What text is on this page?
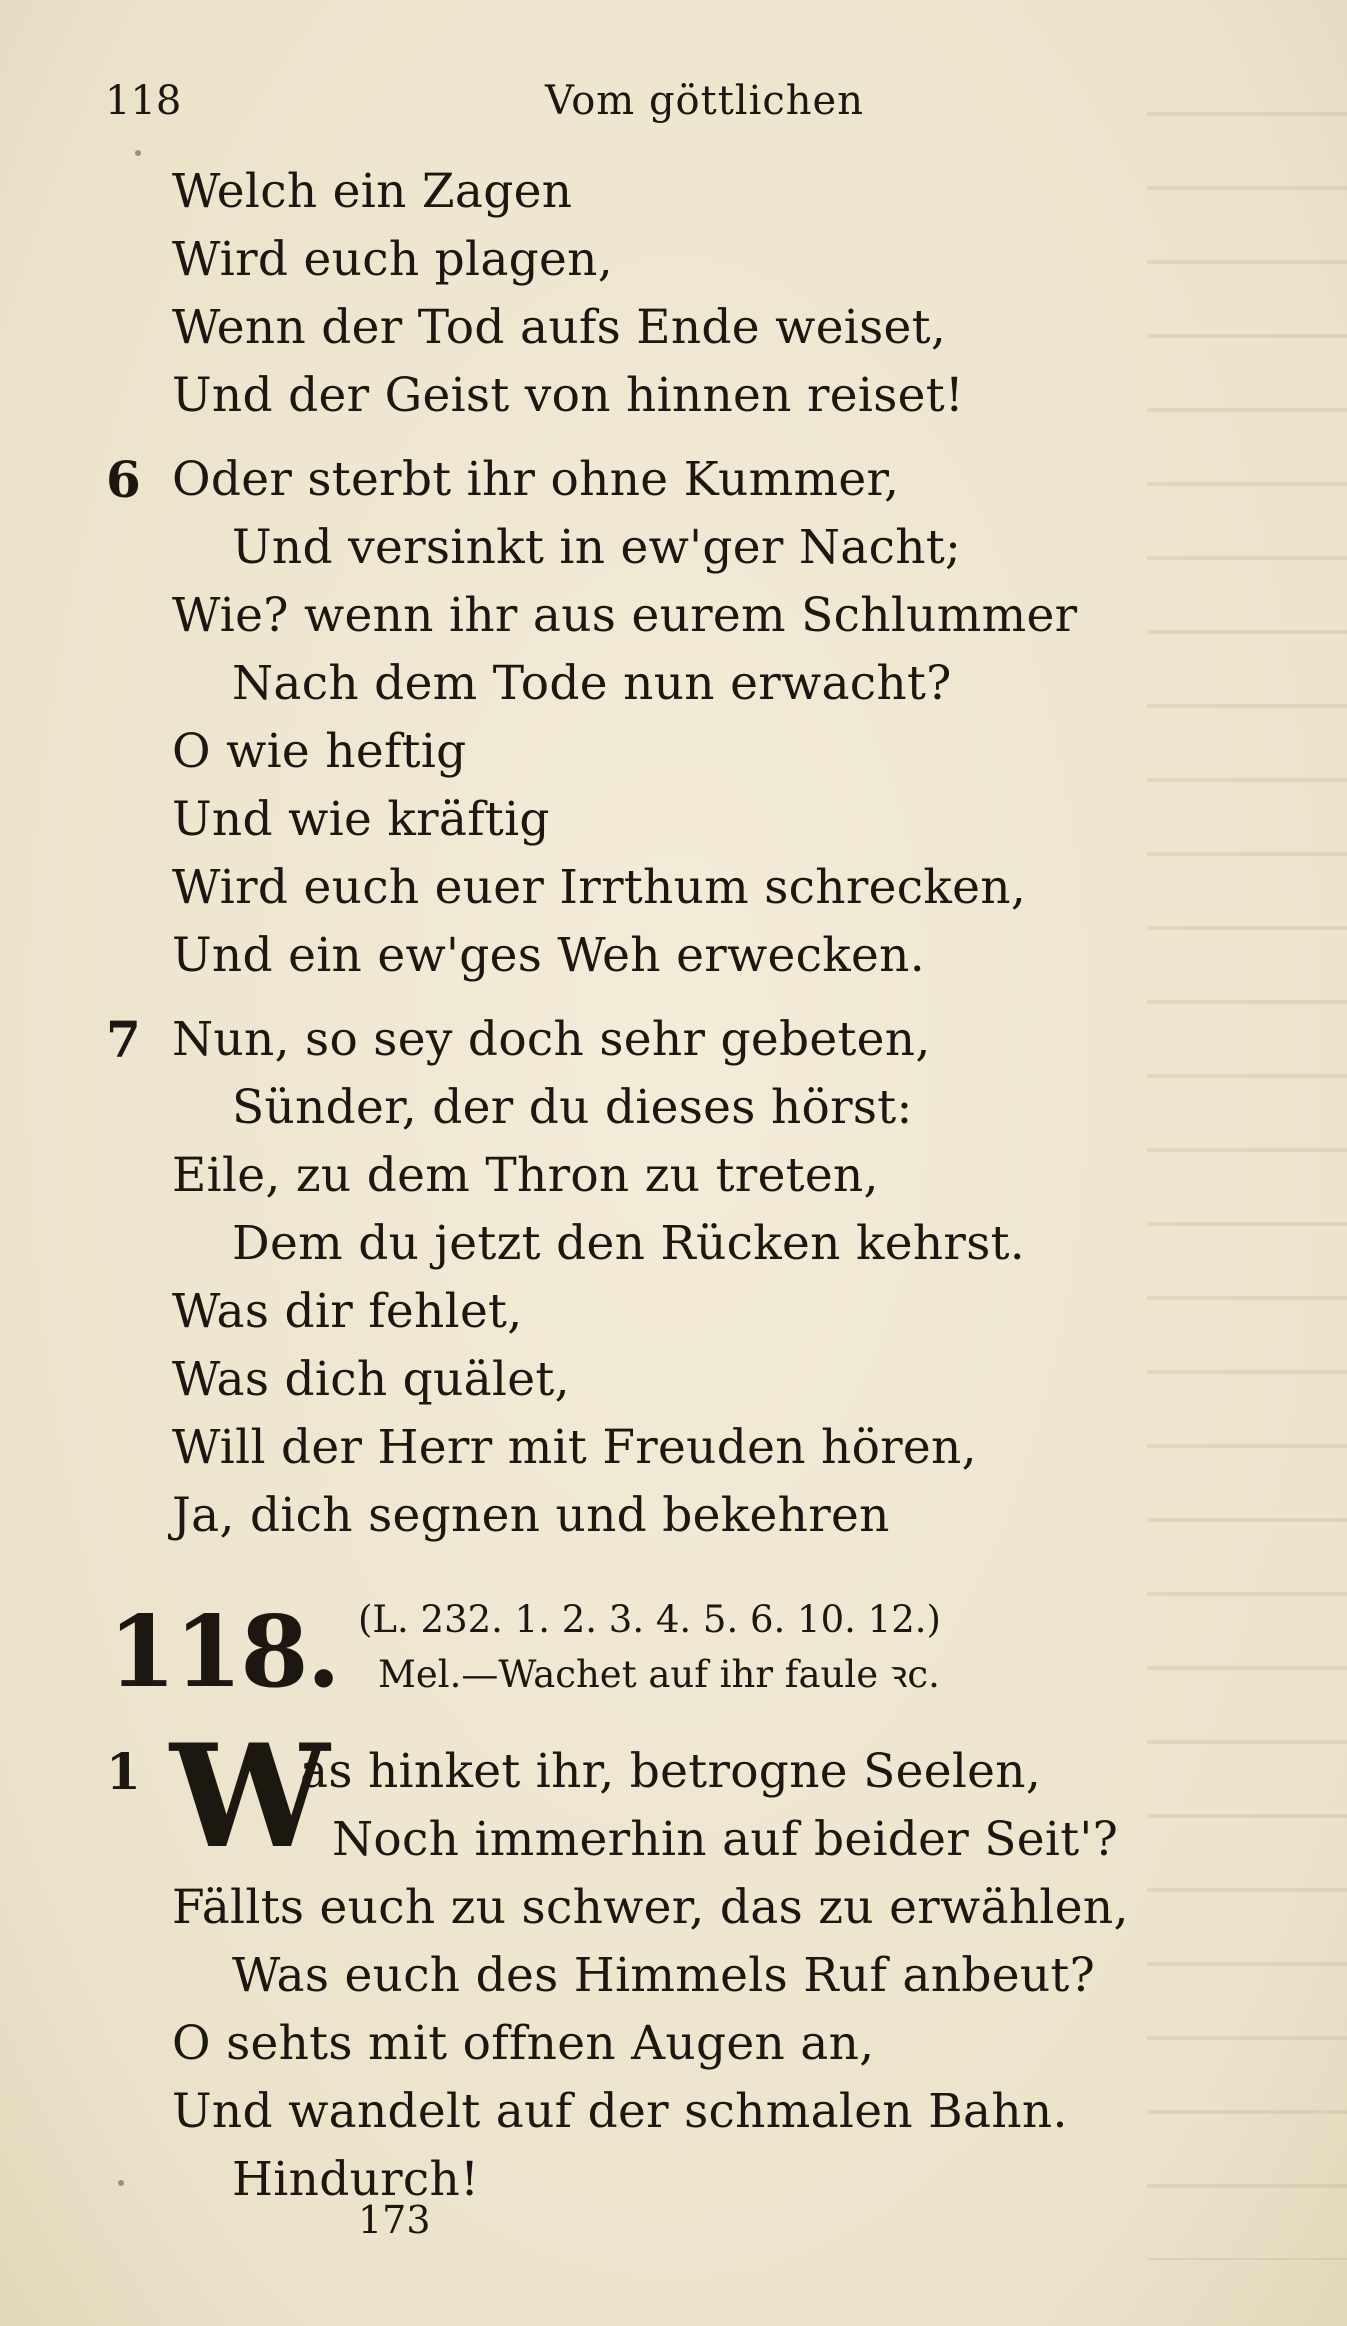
118	Vom göttlichen
Welch ein Zagen
Wird euch plagen,
Wenn der Tod aufs Ende weiset,
Und der Geist von hinnen reiset!
6 Oder sterbt ihr ohne Kummer,
Und versinkt in ew'ger Nacht;
Wie? wenn ihr aus eurem Schlummer
Nach dem Tode nun erwacht?
O wie heftig
Und wie kräftig
Wird euch euer Irrthum schrecken,
Und ein ew'ges Weh erwecken.
7 Nun, so sey doch sehr gebeten,
Sünder, der du dieses hörst:
Eile, zu dem Thron zu treten,
Dem du jetzt den Rücken kehrst.
Was dir fehlet,
Was dich quälet,
Will der Herr mit Freuden hören,
Ja, dich segnen und bekehren
118. (L. 232. 1. 2. 3. 4. 5. 6. 10. 12.)
Mel.—Wachet auf ihr faule ꝛc.
1 W
as hinket ihr, betrogne Seelen,
Noch immerhin auf beider Seit'?
Fällts euch zu schwer, das zu erwählen,
Was euch des Himmels Ruf anbeut?
O sehts mit offnen Augen an,
Und wandelt auf der schmalen Bahn.
Hindurch!
173
